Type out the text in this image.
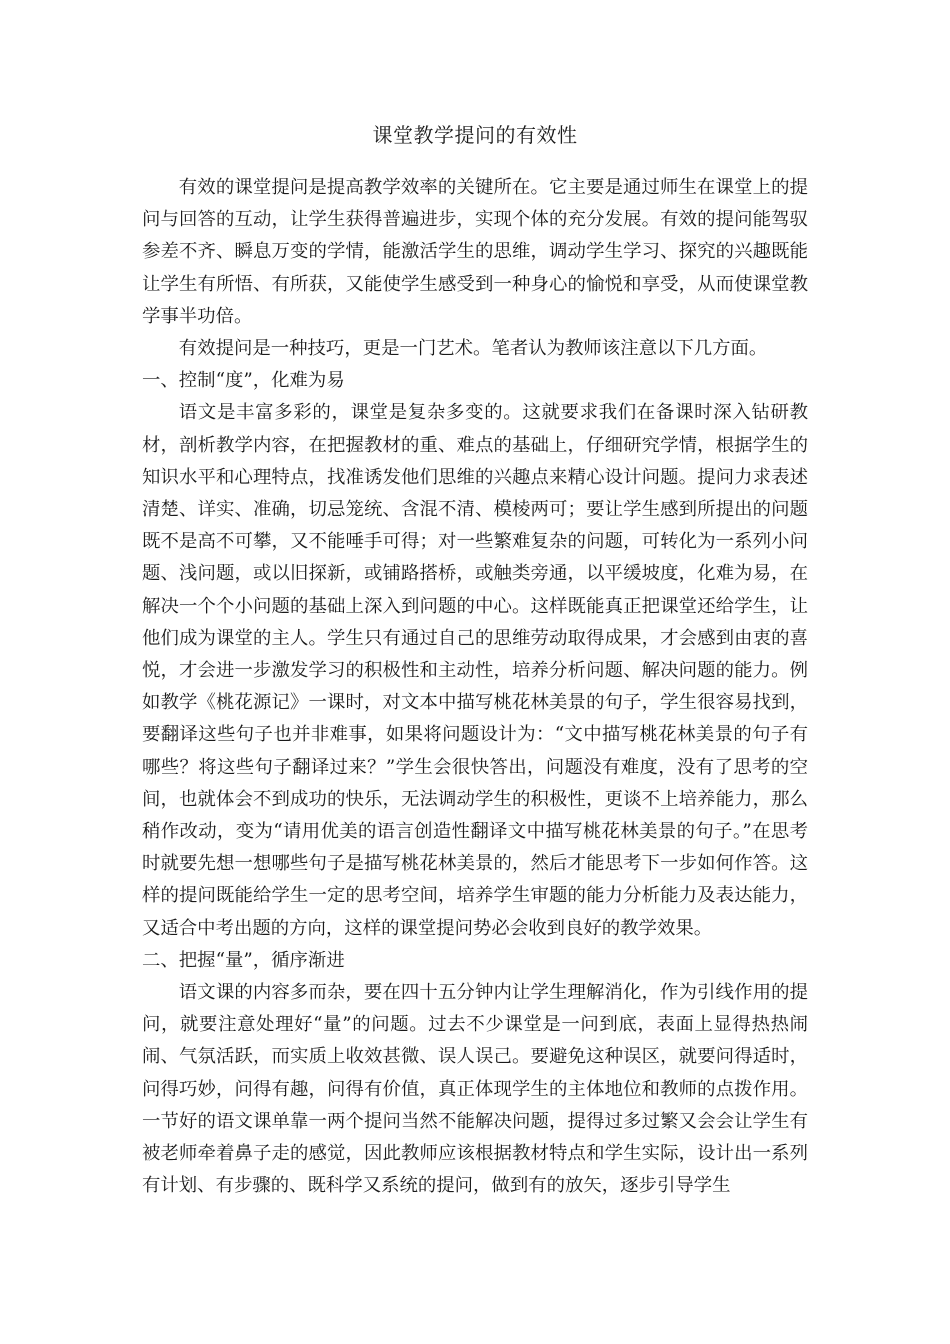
课堂教学提问的有效性

有效的课堂提问是提高教学效率的关键所在。它主要是通过师生在课堂上的提问与回答的互动，让学生获得普遍进步，实现个体的充分发展。有效的提问能驾驭参差不齐、瞬息万变的学情，能激活学生的思维，调动学生学习、探究的兴趣既能让学生有所悟、有所获，又能使学生感受到一种身心的愉悦和享受，从而使课堂教学事半功倍。

有效提问是一种技巧，更是一门艺术。笔者认为教师该注意以下几方面。

一、控制“度”，化难为易

语文是丰富多彩的，课堂是复杂多变的。这就要求我们在备课时深入钻研教材，剖析教学内容，在把握教材的重、难点的基础上，仔细研究学情，根据学生的知识水平和心理特点，找准诱发他们思维的兴趣点来精心设计问题。提问力求表述清楚、详实、准确，切忌笼统、含混不清、模棱两可；要让学生感到所提出的问题既不是高不可攀，又不能唾手可得；对一些繁难复杂的问题，可转化为一系列小问题、浅问题，或以旧探新，或铺路搭桥，或触类旁通，以平缓坡度，化难为易，在解决一个个小问题的基础上深入到问题的中心。这样既能真正把课堂还给学生，让他们成为课堂的主人。学生只有通过自己的思维劳动取得成果，才会感到由衷的喜悦，才会进一步激发学习的积极性和主动性，培养分析问题、解决问题的能力。例如教学《桃花源记》一课时，对文本中描写桃花林美景的句子，学生很容易找到，要翻译这些句子也并非难事，如果将问题设计为：“文中描写桃花林美景的句子有哪些？将这些句子翻译过来？”学生会很快答出，问题没有难度，没有了思考的空间，也就体会不到成功的快乐，无法调动学生的积极性，更谈不上培养能力，那么稍作改动，变为“请用优美的语言创造性翻译文中描写桃花林美景的句子。”在思考时就要先想一想哪些句子是描写桃花林美景的，然后才能思考下一步如何作答。这样的提问既能给学生一定的思考空间，培养学生审题的能力分析能力及表达能力，又适合中考出题的方向，这样的课堂提问势必会收到良好的教学效果。

二、把握“量”，循序渐进

语文课的内容多而杂，要在四十五分钟内让学生理解消化，作为引线作用的提问，就要注意处理好“量”的问题。过去不少课堂是一问到底，表面上显得热热闹闹、气氛活跃，而实质上收效甚微、误人误己。要避免这种误区，就要问得适时，问得巧妙，问得有趣，问得有价值，真正体现学生的主体地位和教师的点拨作用。一节好的语文课单靠一两个提问当然不能解决问题，提得过多过繁又会会让学生有被老师牵着鼻子走的感觉，因此教师应该根据教材特点和学生实际，设计出一系列有计划、有步骤的、既科学又系统的提问，做到有的放矢，逐步引导学生
